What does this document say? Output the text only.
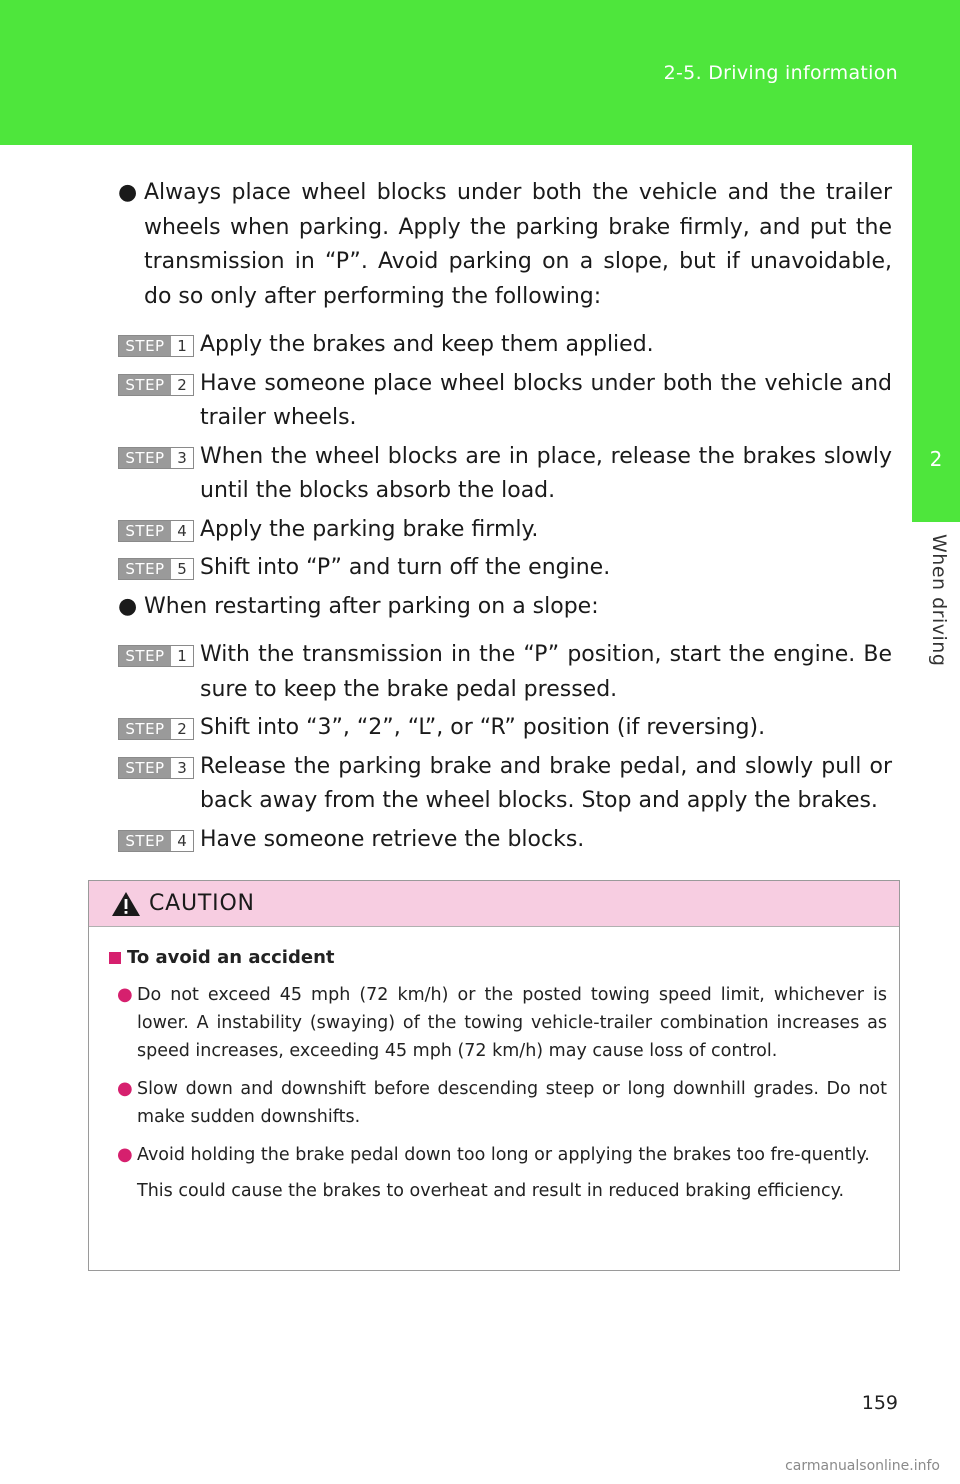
2-5. Driving information
2
When driving
● Always place wheel blocks under both the vehicle and the trailer wheels when parking. Apply the parking brake firmly, and put the transmission in “P”. Avoid parking on a slope, but if unavoidable, do so only after performing the following:
STEP 1 Apply the brakes and keep them applied.
STEP 2 Have someone place wheel blocks under both the vehicle and trailer wheels.
STEP 3 When the wheel blocks are in place, release the brakes slowly until the blocks absorb the load.
STEP 4 Apply the parking brake firmly.
STEP 5 Shift into “P” and turn off the engine.
● When restarting after parking on a slope:
STEP 1 With the transmission in the “P” position, start the engine. Be sure to keep the brake pedal pressed.
STEP 2 Shift into “3”, “2”, “L”, or “R” position (if reversing).
STEP 3 Release the parking brake and brake pedal, and slowly pull or back away from the wheel blocks. Stop and apply the brakes.
STEP 4 Have someone retrieve the blocks.
CAUTION
To avoid an accident
● Do not exceed 45 mph (72 km/h) or the posted towing speed limit, whichever is lower. A instability (swaying) of the towing vehicle-trailer combination increases as speed increases, exceeding 45 mph (72 km/h) may cause loss of control.
● Slow down and downshift before descending steep or long downhill grades. Do not make sudden downshifts.
● Avoid holding the brake pedal down too long or applying the brakes too fre-quently.
This could cause the brakes to overheat and result in reduced braking efficiency.
159
carmanualsonline.info
